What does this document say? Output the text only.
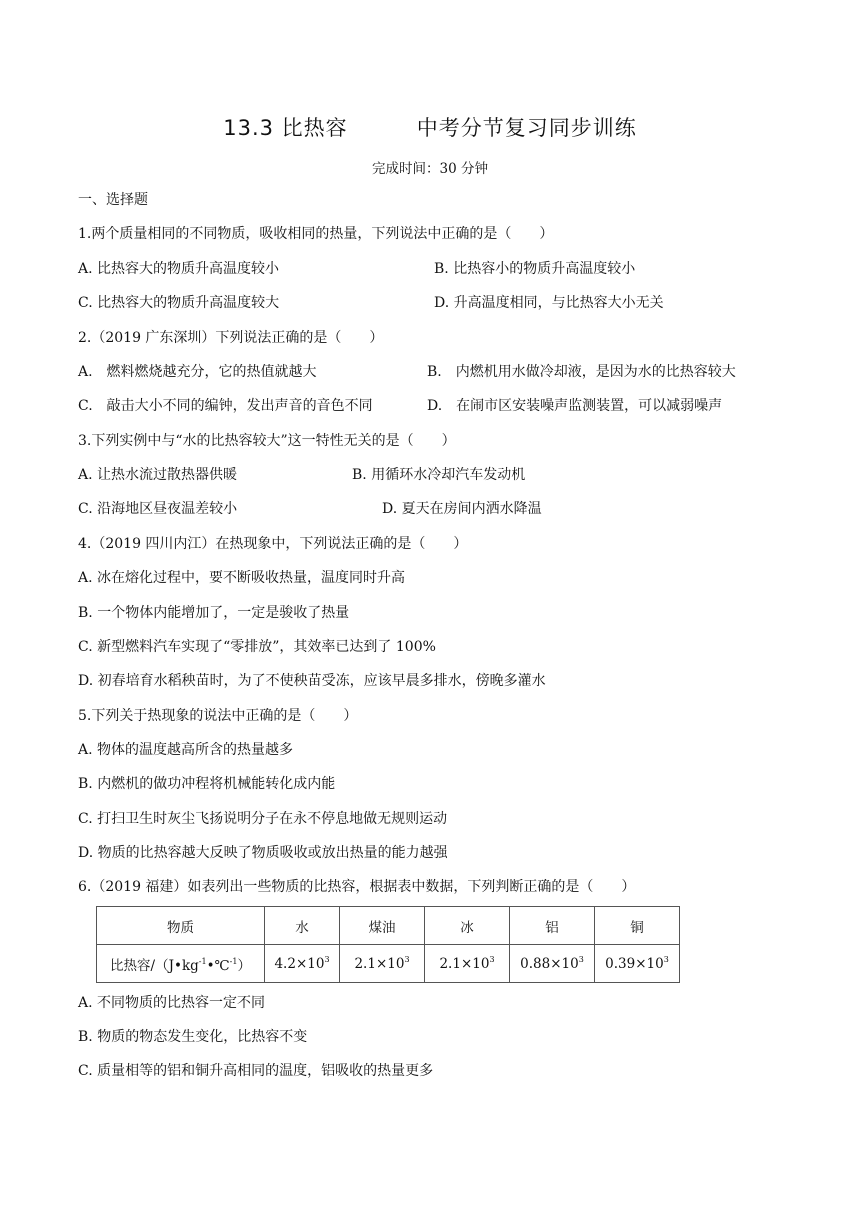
13.3 比热容         中考分节复习同步训练
完成时间：30 分钟
一、选择题
1.两个质量相同的不同物质，吸收相同的热量，下列说法中正确的是（　　）
A. 比热容大的物质升高温度较小	B. 比热容小的物质升高温度较小
C. 比热容大的物质升高温度较大	D. 升高温度相同，与比热容大小无关
2.（2019 广东深圳）下列说法正确的是（　　）
A.　燃料燃烧越充分，它的热值就越大	B.　内燃机用水做冷却液，是因为水的比热容较大
C.　敲击大小不同的编钟，发出声音的音色不同	D.　在闹市区安装噪声监测装置，可以减弱噪声
3.下列实例中与“水的比热容较大”这一特性无关的是（　　）
A. 让热水流过散热器供暖	B. 用循环水冷却汽车发动机
C. 沿海地区昼夜温差较小	D. 夏天在房间内洒水降温
4.（2019 四川内江）在热现象中，下列说法正确的是（　　）
A. 冰在熔化过程中，要不断吸收热量，温度同时升高
B. 一个物体内能增加了，一定是骏收了热量
C. 新型燃料汽车实现了“零排放”，其效率已达到了 100%
D. 初春培育水稻秧苗时，为了不使秧苗受冻，应该早晨多排水，傍晚多灌水
5.下列关于热现象的说法中正确的是（　　）
A. 物体的温度越高所含的热量越多
B. 内燃机的做功冲程将机械能转化成内能
C. 打扫卫生时灰尘飞扬说明分子在永不停息地做无规则运动
D. 物质的比热容越大反映了物质吸收或放出热量的能力越强
6.（2019 福建）如表列出一些物质的比热容，根据表中数据，下列判断正确的是（　　）
物质	水	煤油	冰	铝	铜
比热容$/(J•kg^{-1}•℃^{-1})$	$4.2\times 10^3$	$2.1\times 10^3$	$2.1\times 10^3$	$0.88\times 10^3$	$0.39\times 10^3$
A. 不同物质的比热容一定不同
B. 物质的物态发生变化，比热容不变
C. 质量相等的铝和铜升高相同的温度，铝吸收的热量更多
